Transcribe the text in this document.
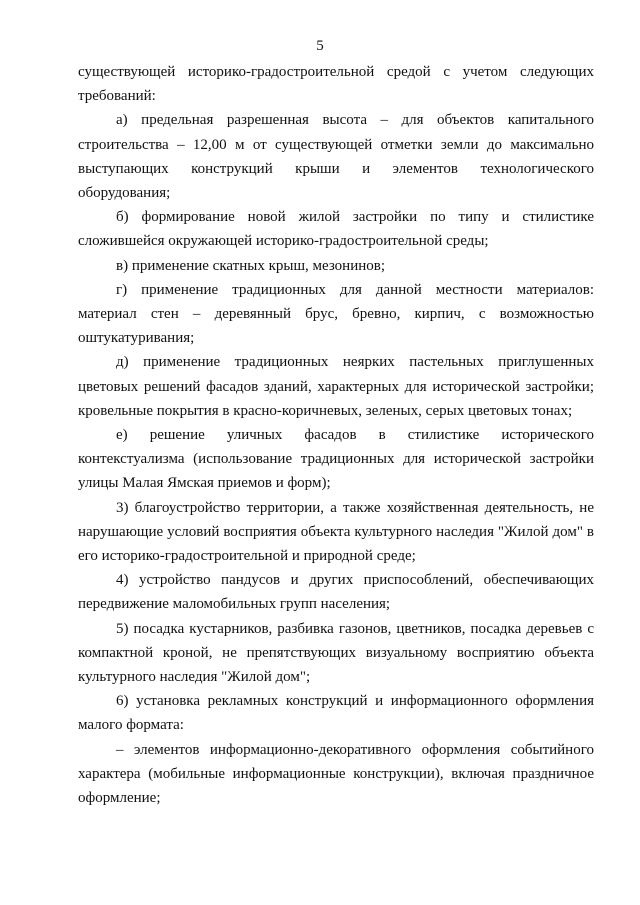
5

существующей историко-градостроительной средой с учетом следующих требований:

а) предельная разрешенная высота – для объектов капитального строительства – 12,00 м от существующей отметки земли до максимально выступающих конструкций крыши и элементов технологического оборудования;

б) формирование новой жилой застройки по типу и стилистике сложившейся окружающей историко-градостроительной среды;

в) применение скатных крыш, мезонинов;

г) применение традиционных для данной местности материалов: материал стен – деревянный брус, бревно, кирпич, с возможностью оштукатуривания;

д) применение традиционных неярких пастельных приглушенных цветовых решений фасадов зданий, характерных для исторической застройки; кровельные покрытия в красно-коричневых, зеленых, серых цветовых тонах;

е) решение уличных фасадов в стилистике исторического контекстуализма (использование традиционных для исторической застройки улицы Малая Ямская приемов и форм);

3) благоустройство территории, а также хозяйственная деятельность, не нарушающие условий восприятия объекта культурного наследия "Жилой дом" в его историко-градостроительной и природной среде;

4) устройство пандусов и других приспособлений, обеспечивающих передвижение маломобильных групп населения;

5) посадка кустарников, разбивка газонов, цветников, посадка деревьев с компактной кроной, не препятствующих визуальному восприятию объекта культурного наследия "Жилой дом";

6) установка рекламных конструкций и информационного оформления малого формата:

– элементов информационно-декоративного оформления событийного характера (мобильные информационные конструкции), включая праздничное оформление;
